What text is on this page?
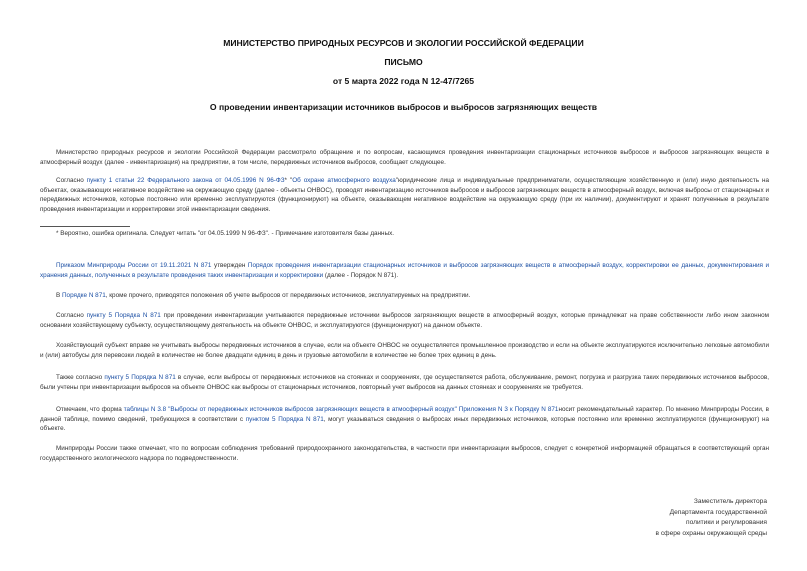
МИНИСТЕРСТВО ПРИРОДНЫХ РЕСУРСОВ И ЭКОЛОГИИ РОССИЙСКОЙ ФЕДЕРАЦИИ
ПИСЬМО
от 5 марта 2022 года N 12-47/7265
О проведении инвентаризации источников выбросов и выбросов загрязняющих веществ

Министерство природных ресурсов и экологии Российской Федерации рассмотрело обращение и по вопросам, касающимся проведения инвентаризации стационарных источников выбросов и выбросов загрязняющих веществ в атмосферный воздух (далее - инвентаризация) на предприятии, в том числе, передвижных источников выбросов, сообщает следующее.

Согласно пункту 1 статьи 22 Федерального закона от 04.05.1996 N 96-ФЗ* "Об охране атмосферного воздуха"юридические лица и индивидуальные предприниматели, осуществляющие хозяйственную и (или) иную деятельность на объектах, оказывающих негативное воздействие на окружающую среду (далее - объекты ОНВОС), проводят инвентаризацию источников выбросов и выбросов загрязняющих веществ в атмосферный воздух, включая выбросы от стационарных и передвижных источников, которые постоянно или временно эксплуатируются (функционируют) на объекте, оказывающем негативное воздействие на окружающую среду (при их наличии), документируют и хранят полученные в результате проведения инвентаризации и корректировки этой инвентаризации сведения.

* Вероятно, ошибка оригинала. Следует читать "от 04.05.1999 N 96-ФЗ". - Примечание изготовителя базы данных.

Приказом Минприроды России от 19.11.2021 N 871 утвержден Порядок проведения инвентаризации стационарных источников и выбросов загрязняющих веществ в атмосферный воздух, корректировки ее данных, документирования и хранения данных, полученных в результате проведения таких инвентаризации и корректировки (далее - Порядок N 871).

В Порядке N 871, кроме прочего, приводятся положения об учете выбросов от передвижных источников, эксплуатируемых на предприятии.

Согласно пункту 5 Порядка N 871 при проведении инвентаризации учитываются передвижные источники выбросов загрязняющих веществ в атмосферный воздух, которые принадлежат на праве собственности либо ином законном основании хозяйствующему субъекту, осуществляющему деятельность на объекте ОНВОС, и эксплуатируются (функционируют) на данном объекте.

Хозяйствующий субъект вправе не учитывать выбросы передвижных источников в случае, если на объекте ОНВОС не осуществляется промышленное производство и если на объекте эксплуатируются исключительно легковые автомобили и (или) автобусы для перевозки людей в количестве не более двадцати единиц в день и грузовые автомобили в количестве не более трех единиц в день.

Также согласно пункту 5 Порядка N 871 в случае, если выбросы от передвижных источников на стоянках и сооружениях, где осуществляется работа, обслуживание, ремонт, погрузка и разгрузка таких передвижных источников выбросов, были учтены при инвентаризации выбросов на объекте ОНВОС как выбросы от стационарных источников, повторный учет выбросов на данных стоянках и сооружениях не требуется.

Отмечаем, что форма таблицы N 3.8 "Выбросы от передвижных источников выбросов загрязняющих веществ в атмосферный воздух" Приложения N 3 к Порядку N 871носит рекомендательный характер. По мнению Минприроды России, в данной таблице, помимо сведений, требующихся в соответствии с пунктом 5 Порядка N 871, могут указываться сведения о выбросах иных передвижных источников, которые постоянно или временно эксплуатируются (функционируют) на объекте.

Минприроды России также отмечает, что по вопросам соблюдения требований природоохранного законодательства, в частности при инвентаризации выбросов, следует с конкретной информацией обращаться в соответствующий орган государственного экологического надзора по подведомственности.

Заместитель директора
Департамента государственной
политики и регулирования
в сфере охраны окружающей среды
